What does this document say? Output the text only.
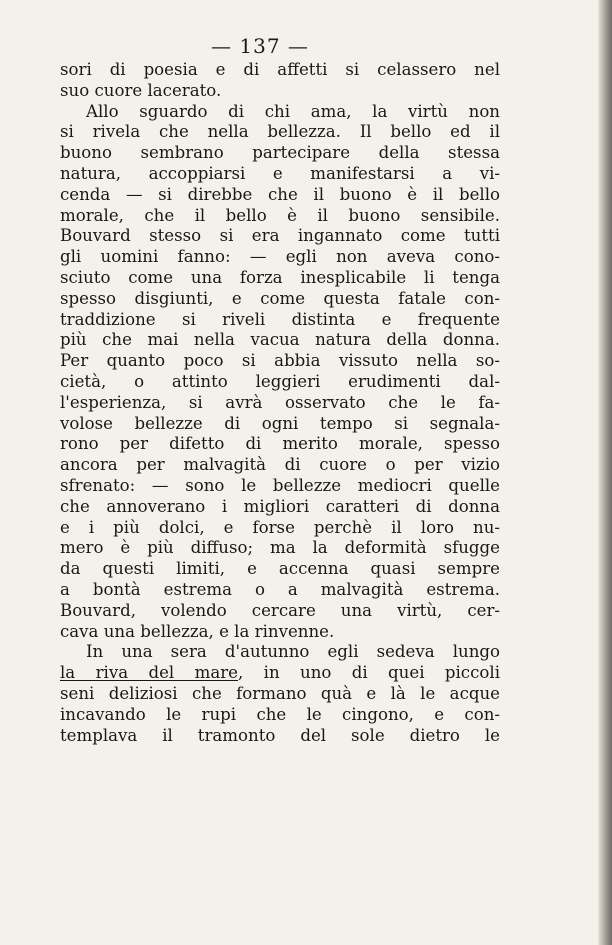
— 137 —
sori di poesia e di affetti si celassero nel
suo cuore lacerato.
Allo sguardo di chi ama, la virtù non
si rivela che nella bellezza. Il bello ed il
buono sembrano partecipare della stessa
natura, accoppiarsi e manifestarsi a vi-
cenda — si direbbe che il buono è il bello
morale, che il bello è il buono sensibile.
Bouvard stesso si era ingannato come tutti
gli uomini fanno: — egli non aveva cono-
sciuto come una forza inesplicabile li tenga
spesso disgiunti, e come questa fatale con-
traddizione si riveli distinta e frequente
più che mai nella vacua natura della donna.
Per quanto poco si abbia vissuto nella so-
cietà, o attinto leggieri erudimenti dal-
l'esperienza, si avrà osservato che le fa-
volose bellezze di ogni tempo si segnala-
rono per difetto di merito morale, spesso
ancora per malvagità di cuore o per vizio
sfrenato: — sono le bellezze mediocri quelle
che annoverano i migliori caratteri di donna
e i più dolci, e forse perchè il loro nu-
mero è più diffuso; ma la deformità sfugge
da questi limiti, e accenna quasi sempre
a bontà estrema o a malvagità estrema.
Bouvard, volendo cercare una virtù, cer-
cava una bellezza, e la rinvenne.
In una sera d'autunno egli sedeva lungo
la riva del mare, in uno di quei piccoli
seni deliziosi che formano quà e là le acque
incavando le rupi che le cingono, e con-
templava il tramonto del sole dietro le
